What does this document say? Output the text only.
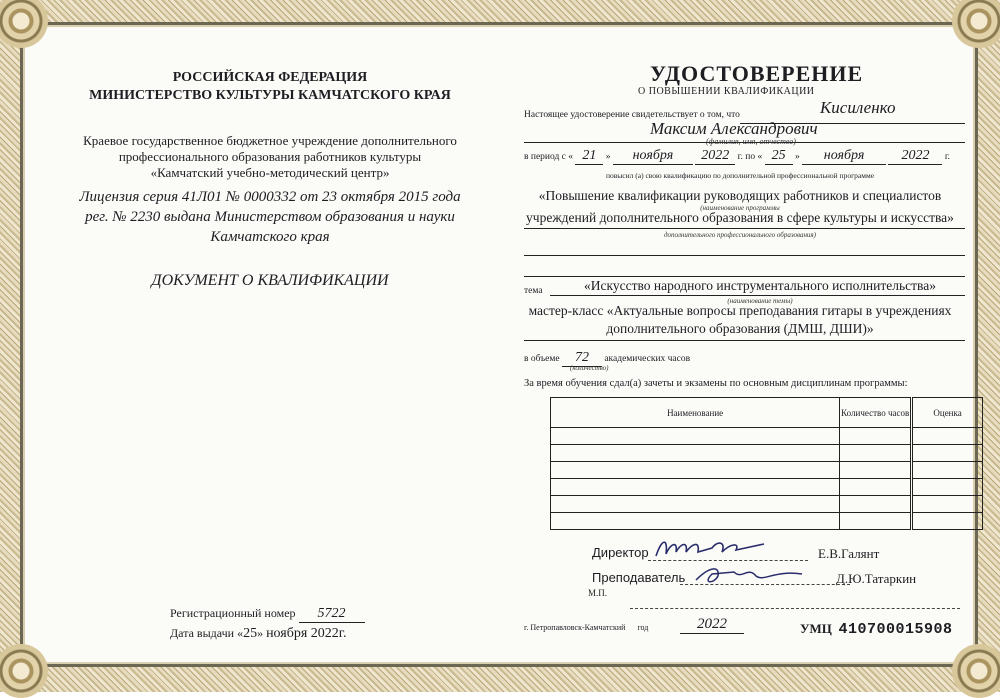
РОССИЙСКАЯ ФЕДЕРАЦИЯ
МИНИСТЕРСТВО КУЛЬТУРЫ КАМЧАТСКОГО КРАЯ
Краевое государственное бюджетное учреждение дополнительного
профессионального образования работников культуры
«Камчатский учебно-методический центр»
Лицензия серия 41Л01 № 0000332 от 23 октября 2015 года
рег. № 2230 выдана Министерством образования и науки
Камчатского края
ДОКУМЕНТ О КВАЛИФИКАЦИИ
Регистрационный номер 5722
Дата выдачи «25» ноября 2022г.
УДОСТОВЕРЕНИЕ
О ПОВЫШЕНИИ КВАЛИФИКАЦИИ
Настоящее удостоверение свидетельствует о том, что	Кисиленко
Максим Александрович
(фамилия, имя, отчество)
в период с « 21 » ноября 2022 г. по « 25 » ноября	2022 г.
повысил (а) свою квалификацию по дополнительной профессиональной программе
«Повышение квалификации руководящих работников и специалистов
(наименование программы
учреждений дополнительного образования в сфере культуры и искусства»
дополнительного профессионального образования)
тема	«Искусство народного инструментального исполнительства»
(наименование темы)
мастер-класс «Актуальные вопросы преподавания гитары в учреждениях
дополнительного образования (ДМШ, ДШИ)»
в объеме 72 академических часов
(количество)
За время обучения сдал(а) зачеты и экзамены по основным дисциплинам программы:
Наименование	Количество часов	Оценка

Директор	Е.В.Галянт
Преподаватель	Д.Ю.Татаркин
М.П.
г. Петропавловск-Камчатский год	2022	УМЦ 410700015908
